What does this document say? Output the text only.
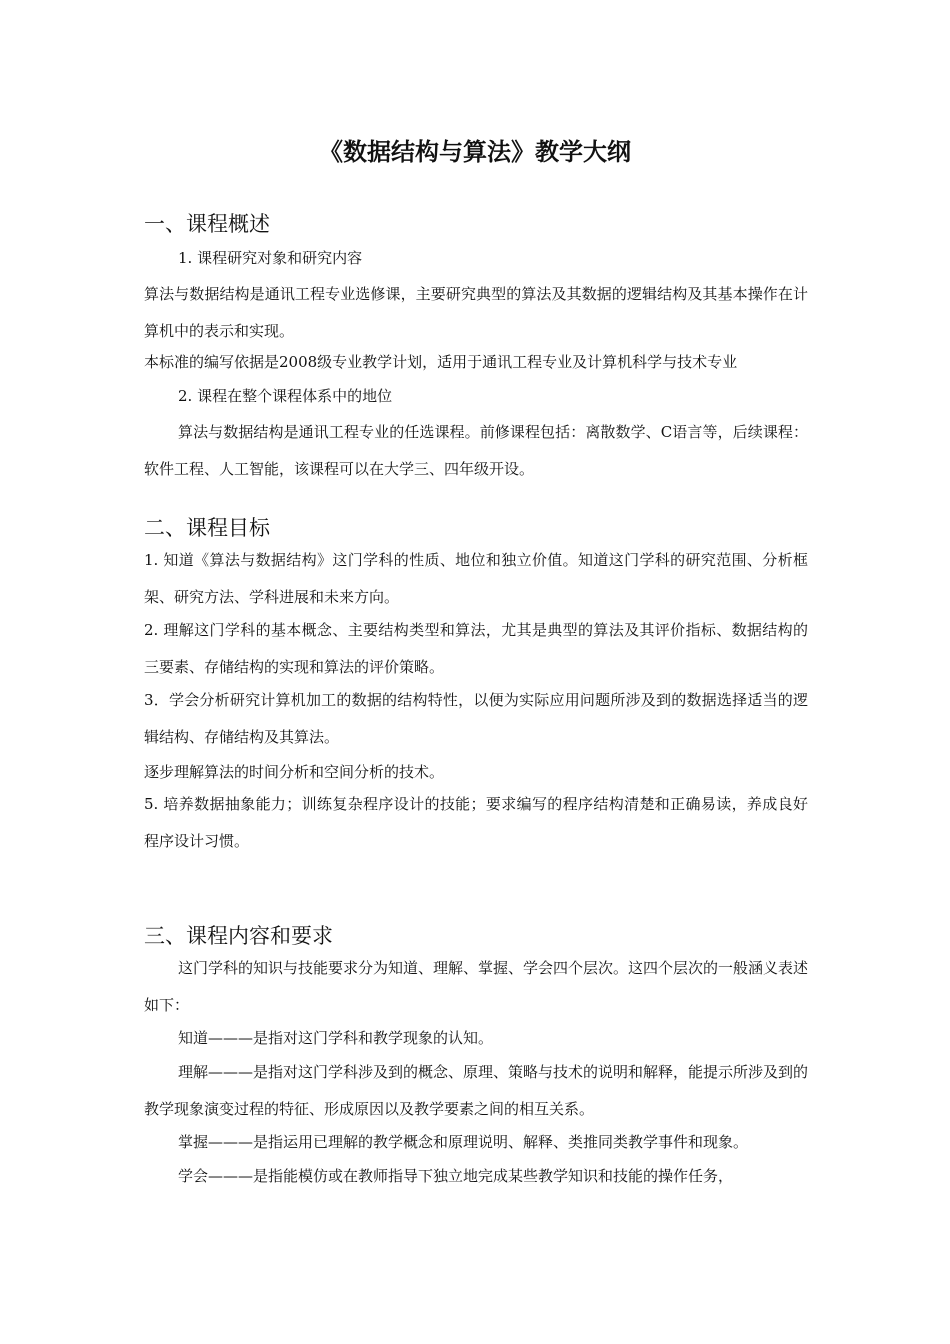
《数据结构与算法》教学大纲
一、课程概述
1. 课程研究对象和研究内容
算法与数据结构是通讯工程专业选修课，主要研究典型的算法及其数据的逻辑结构及其基本操作在计算机中的表示和实现。
本标准的编写依据是2008级专业教学计划，适用于通讯工程专业及计算机科学与技术专业
2. 课程在整个课程体系中的地位
算法与数据结构是通讯工程专业的任选课程。前修课程包括：离散数学、C语言等，后续课程：软件工程、人工智能，该课程可以在大学三、四年级开设。
二、课程目标
1. 知道《算法与数据结构》这门学科的性质、地位和独立价值。知道这门学科的研究范围、分析框架、研究方法、学科进展和未来方向。
2. 理解这门学科的基本概念、主要结构类型和算法，尤其是典型的算法及其评价指标、数据结构的三要素、存储结构的实现和算法的评价策略。
3．学会分析研究计算机加工的数据的结构特性，以便为实际应用问题所涉及到的数据选择适当的逻辑结构、存储结构及其算法。
逐步理解算法的时间分析和空间分析的技术。
5. 培养数据抽象能力；训练复杂程序设计的技能；要求编写的程序结构清楚和正确易读，养成良好程序设计习惯。
三、课程内容和要求
这门学科的知识与技能要求分为知道、理解、掌握、学会四个层次。这四个层次的一般涵义表述如下：
知道———是指对这门学科和教学现象的认知。
理解———是指对这门学科涉及到的概念、原理、策略与技术的说明和解释，能提示所涉及到的教学现象演变过程的特征、形成原因以及教学要素之间的相互关系。
掌握———是指运用已理解的教学概念和原理说明、解释、类推同类教学事件和现象。
学会———是指能模仿或在教师指导下独立地完成某些教学知识和技能的操作任务，
